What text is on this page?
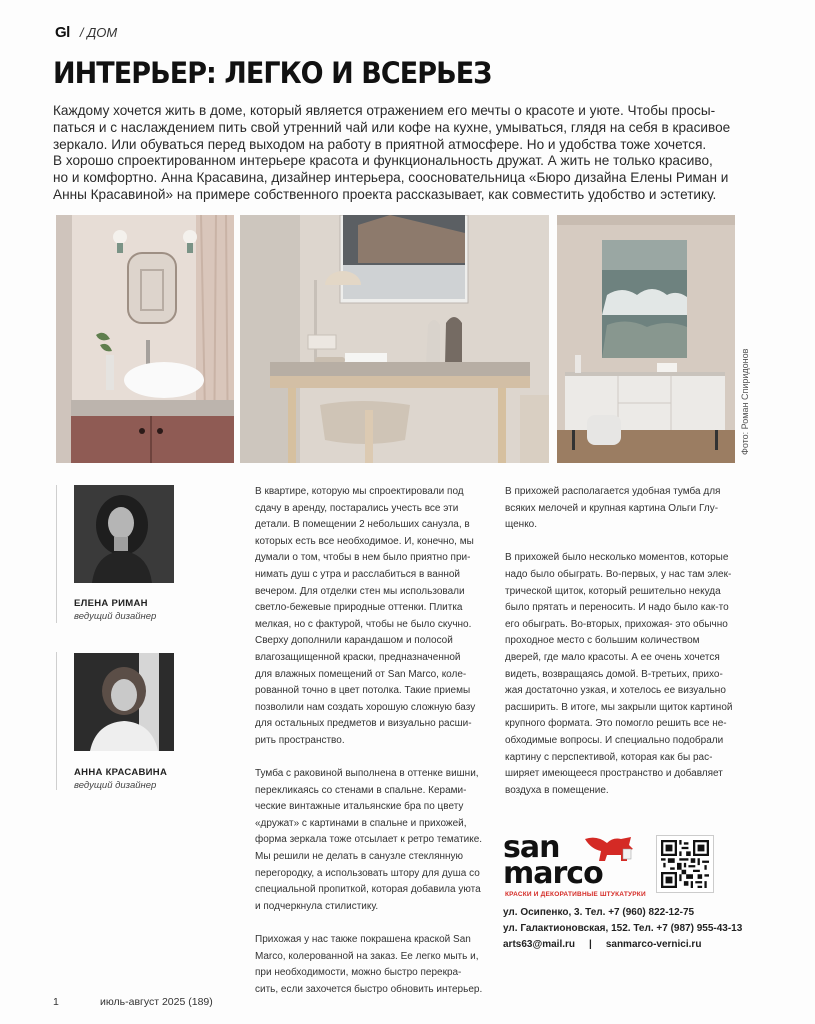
Gl / ДОМ
ИНТЕРЬЕР: ЛЕГКО И ВСЕРЬЕЗ
Каждому хочется жить в доме, который является отражением его мечты о красоте и уюте. Чтобы просы-
паться и с наслаждением пить свой утренний чай или кофе на кухне, умываться, глядя на себя в красивое
зеркало. Или обуваться перед выходом на работу в приятной атмосфере. Но и удобства тоже хочется.
В хорошо спроектированном интерьере красота и функциональность дружат. А жить не только красиво,
но и комфортно. Анна Красавина, дизайнер интерьера, соосновательница «Бюро дизайна Елены Риман и
Анны Красавиной» на примере собственного проекта рассказывает, как совместить удобство и эстетику.
Фото: Роман Спиридонов
ЕЛЕНА РИМАН
ведущий дизайнер
АННА КРАСАВИНА
ведущий дизайнер
В квартире, которую мы спроектировали под
сдачу в аренду, постарались учесть все эти
детали. В помещении 2 небольших санузла, в
которых есть все необходимое. И, конечно, мы
думали о том, чтобы в нем было приятно при-
нимать душ с утра и расслабиться в ванной
вечером. Для отделки стен мы использовали
светло-бежевые природные оттенки. Плитка
мелкая, но с фактурой, чтобы не было скучно.
Сверху дополнили карандашом и полосой
влагозащищенной краски, предназначенной
для влажных помещений от San Marco, коле-
рованной точно в цвет потолка. Такие приемы
позволили нам создать хорошую сложную базу
для остальных предметов и визуально расши-
рить пространство.
Тумба с раковиной выполнена в оттенке вишни,
перекликаясь со стенами в спальне. Керами-
ческие винтажные итальянские бра по цвету
«дружат» с картинами в спальне и прихожей,
форма зеркала тоже отсылает к ретро тематике.
Мы решили не делать в санузле стеклянную
перегородку, а использовать штору для душа со
специальной пропиткой, которая добавила уюта
и подчеркнула стилистику.
Прихожая у нас также покрашена краской San
Marco, колерованной на заказ. Ее легко мыть и,
при необходимости, можно быстро перекра-
сить, если захочется быстро обновить интерьер.
В прихожей располагается удобная тумба для
всяких мелочей и крупная картина Ольги Глу-
щенко.
В прихожей было несколько моментов, которые
надо было обыграть. Во-первых, у нас там элек-
трической щиток, который решительно некуда
было прятать и переносить. И надо было как-то
его обыграть. Во-вторых, прихожая- это обычно
проходное место с большим количеством
дверей, где мало красоты. А ее очень хочется
видеть, возвращаясь домой. В-третьих, прихо-
жая достаточно узкая, и хотелось ее визуально
расширить. В итоге, мы закрыли щиток картиной
крупного формата. Это помогло решить все не-
обходимые вопросы. И специально подобрали
картину с перспективой, которая как бы рас-
ширяет имеющееся пространство и добавляет
воздуха в помещение.
san
marco
КРАСКИ И ДЕКОРАТИВНЫЕ ШТУКАТУРКИ
ул. Осипенко, 3. Тел. +7 (960) 822-12-75
ул. Галактионовская, 152. Тел. +7 (987) 955-43-13
arts63@mail.ru | sanmarco-vernici.ru
1	июль-август 2025 (189)
